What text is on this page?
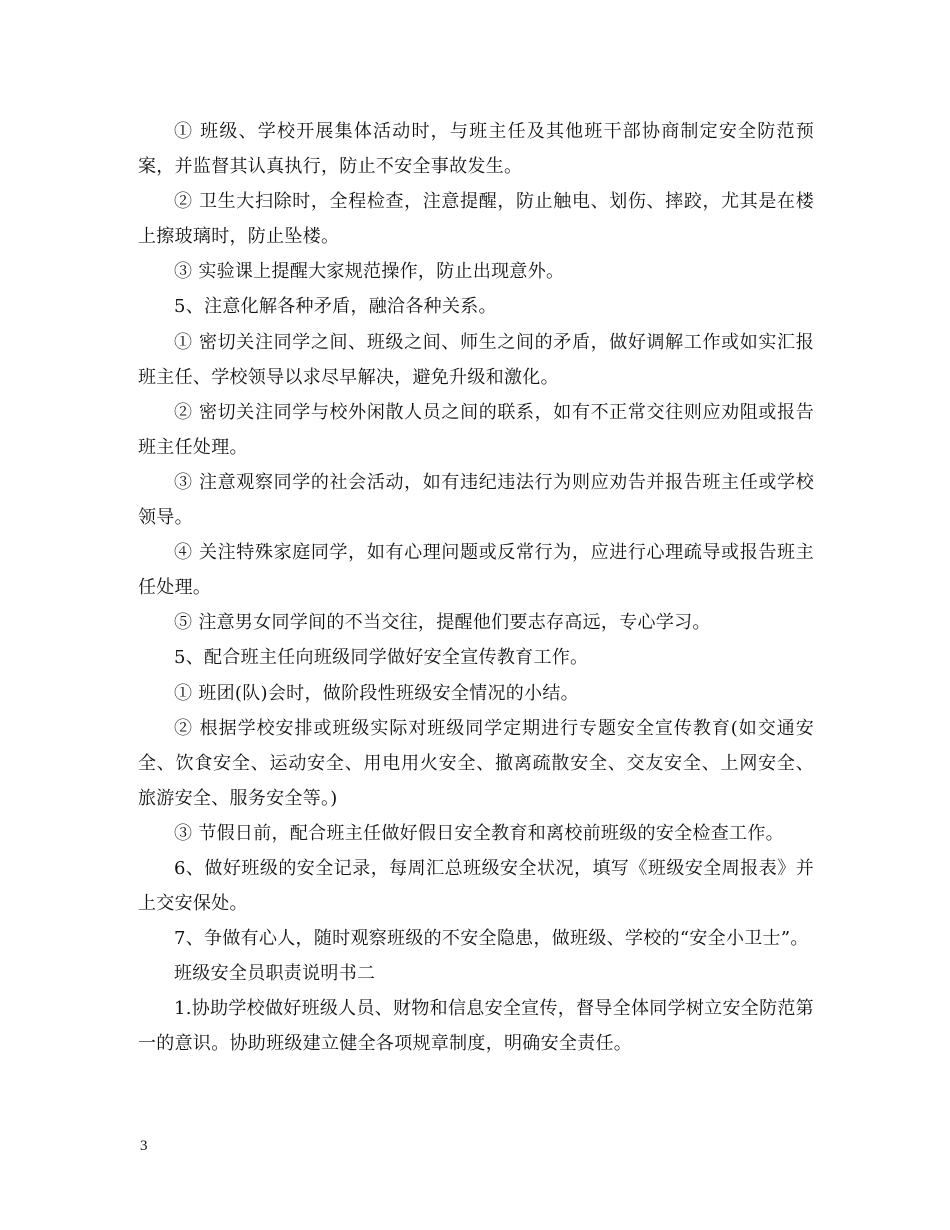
① 班级、学校开展集体活动时，与班主任及其他班干部协商制定安全防范预案，并监督其认真执行，防止不安全事故发生。

② 卫生大扫除时，全程检查，注意提醒，防止触电、划伤、摔跤，尤其是在楼上擦玻璃时，防止坠楼。

③ 实验课上提醒大家规范操作，防止出现意外。

5、注意化解各种矛盾，融洽各种关系。

① 密切关注同学之间、班级之间、师生之间的矛盾，做好调解工作或如实汇报班主任、学校领导以求尽早解决，避免升级和激化。

② 密切关注同学与校外闲散人员之间的联系，如有不正常交往则应劝阻或报告班主任处理。

③ 注意观察同学的社会活动，如有违纪违法行为则应劝告并报告班主任或学校领导。

④ 关注特殊家庭同学，如有心理问题或反常行为，应进行心理疏导或报告班主任处理。

⑤ 注意男女同学间的不当交往，提醒他们要志存高远，专心学习。

5、配合班主任向班级同学做好安全宣传教育工作。

① 班团(队)会时，做阶段性班级安全情况的小结。

② 根据学校安排或班级实际对班级同学定期进行专题安全宣传教育(如交通安全、饮食安全、运动安全、用电用火安全、撤离疏散安全、交友安全、上网安全、旅游安全、服务安全等。)

③ 节假日前，配合班主任做好假日安全教育和离校前班级的安全检查工作。

6、做好班级的安全记录，每周汇总班级安全状况，填写《班级安全周报表》并上交安保处。

7、争做有心人，随时观察班级的不安全隐患，做班级、学校的“安全小卫士”。

班级安全员职责说明书二

1.协助学校做好班级人员、财物和信息安全宣传，督导全体同学树立安全防范第一的意识。协助班级建立健全各项规章制度，明确安全责任。

3
